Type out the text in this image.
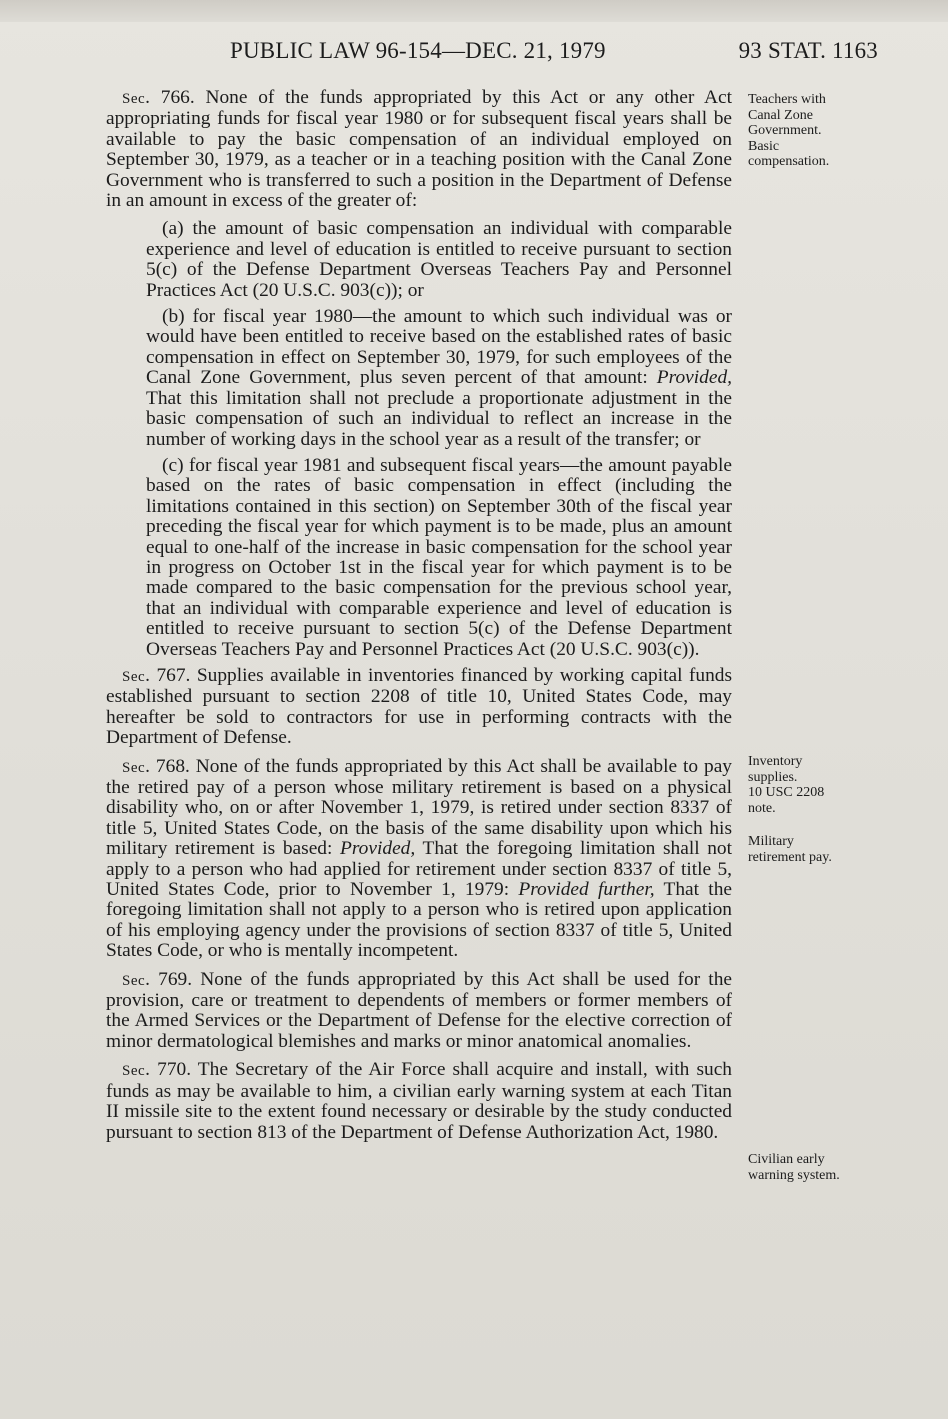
PUBLIC LAW 96-154—DEC. 21, 1979	93 STAT. 1163

Sec. 766. None of the funds appropriated by this Act or any other Act appropriating funds for fiscal year 1980 or for subsequent fiscal years shall be available to pay the basic compensation of an individual employed on September 30, 1979, as a teacher or in a teaching position with the Canal Zone Government who is transferred to such a position in the Department of Defense in an amount in excess of the greater of:

(a) the amount of basic compensation an individual with comparable experience and level of education is entitled to receive pursuant to section 5(c) of the Defense Department Overseas Teachers Pay and Personnel Practices Act (20 U.S.C. 903(c)); or

(b) for fiscal year 1980—the amount to which such individual was or would have been entitled to receive based on the established rates of basic compensation in effect on September 30, 1979, for such employees of the Canal Zone Government, plus seven percent of that amount: Provided, That this limitation shall not preclude a proportionate adjustment in the basic compensation of such an individual to reflect an increase in the number of working days in the school year as a result of the transfer; or

(c) for fiscal year 1981 and subsequent fiscal years—the amount payable based on the rates of basic compensation in effect (including the limitations contained in this section) on September 30th of the fiscal year preceding the fiscal year for which payment is to be made, plus an amount equal to one-half of the increase in basic compensation for the school year in progress on October 1st in the fiscal year for which payment is to be made compared to the basic compensation for the previous school year, that an individual with comparable experience and level of education is entitled to receive pursuant to section 5(c) of the Defense Department Overseas Teachers Pay and Personnel Practices Act (20 U.S.C. 903(c)).

Sec. 767. Supplies available in inventories financed by working capital funds established pursuant to section 2208 of title 10, United States Code, may hereafter be sold to contractors for use in performing contracts with the Department of Defense.

Sec. 768. None of the funds appropriated by this Act shall be available to pay the retired pay of a person whose military retirement is based on a physical disability who, on or after November 1, 1979, is retired under section 8337 of title 5, United States Code, on the basis of the same disability upon which his military retirement is based: Provided, That the foregoing limitation shall not apply to a person who had applied for retirement under section 8337 of title 5, United States Code, prior to November 1, 1979: Provided further, That the foregoing limitation shall not apply to a person who is retired upon application of his employing agency under the provisions of section 8337 of title 5, United States Code, or who is mentally incompetent.

Sec. 769. None of the funds appropriated by this Act shall be used for the provision, care or treatment to dependents of members or former members of the Armed Services or the Department of Defense for the elective correction of minor dermatological blemishes and marks or minor anatomical anomalies.

Sec. 770. The Secretary of the Air Force shall acquire and install, with such funds as may be available to him, a civilian early warning system at each Titan II missile site to the extent found necessary or desirable by the study conducted pursuant to section 813 of the Department of Defense Authorization Act, 1980.

Teachers with
Canal Zone
Government.
Basic
compensation.
Inventory
supplies.
10 USC 2208
note.
Military
retirement pay.
Civilian early
warning system.
